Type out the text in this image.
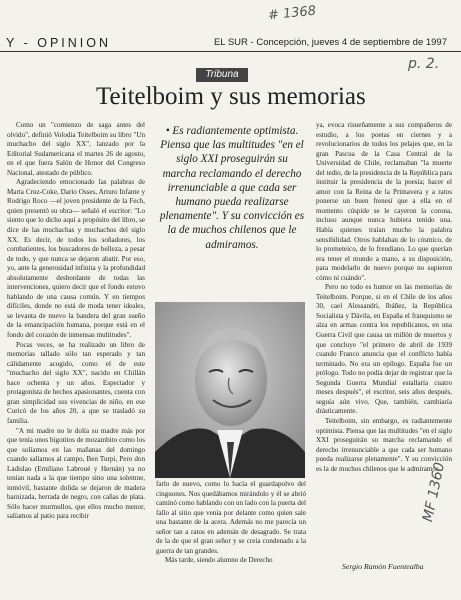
# 1368
Y - OPINION	EL SUR - Concepción, jueves 4 de septiembre de 1997
p. 2.
Tribuna
Teitelboim y sus memorias

Como un "comienzo de saga antes del olvido", definió Volodia Teitelboim su libro "Un muchacho del siglo XX", lanzado por la Editorial Sudamericana el martes 26 de agosto, en el que fuera Salón de Honor del Congreso Nacional, atestado de público.

Agradeciendo emocionado las palabras de Marta Cruz-Coke, Darío Osses, Arturo Infante y Rodrigo Roco —el joven presidente de la Fech, quien presentó su obra— señaló el escritor: "Lo siento que lo dicho aquí a propósito del libro, se dice de las muchachas y muchachos del siglo XX. Es decir, de todos los soñadores, los combatientes, los buscadores de belleza, a pesar de todo, y que nunca se dejaron abatir. Por eso, yo, ante la generosidad infinita y la profundidad absolutamente desbordante de todas las intervenciones, quiero decir que el fondo estuvo hablando de una causa común. Y en tiempos difíciles, donde no está de moda tener ideales, se levanta de nuevo la bandera del gran sueño de la emancipación humana, porque está en el fondo del corazón de inmensas multitudes".

Pocas veces, se ha realizado un libro de memorias tallado sólo tan esperado y tan cálidamente acogido, como el de este "muchacho del siglo XX", nacido en Chillán hace ochenta y un años. Espectador y protagonista de hechos apasionantes, cuenta con gran simplicidad sus vivencias de niño, en ese Curicó de los años 20, a que se trasladó su familia.

"A mi madre no le dolía su madre más por que tenía unos bigotitos de mozambito como los que solíamos en las mañanas del domingo cuando salíamos al campo, Ben Turpi, Pero don Ladislao (Emiliano Labroué y Hernán) ya no tenían nada a la que tiempo sino una solemne, inmóvil, bastante dolida se dejaron de madera barnizada, herrada de negro, con cañas de plata. Sólo hacer murmullos, que ellos mucho menor, salíamos al patio para recibir

• Es radiantemente optimista. Piensa que las multitudes "en el siglo XXI proseguirán su marcha reclamando el derecho irrenunciable a que cada ser humano pueda realizarse plenamente". Y su convicción es la de muchos chilenos que le admiramos.

farlo de nuevo, como lo hacía el guardapolvo del cinguones. Nos quedábamos mirándolo y él se abrió caminó como hablando con un lado con la puerta del fallo al sitio que venía por delante como quien sale una bastante de la acera. Además no me parecía un señor tan a ratos en ademán de desagrado. Se trata de la de que el gran señor y se creía condenado a la guerra de tan grandes.

Más tarde, siendo alumno de Derecho

ya, evoca risueñamente a sus compañeros de estudio, a los poetas en ciernes y a revolucionarios de todos los pelajes que, en la gran Pascua de la Casa Central de la Universidad de Chile, reclamaban "la muerte del tedio, de la presidencia de la República para instituir la presidencia de la poesía; hacer el amor con la Reina de la Primavera y a ratos ponerse un buen frenesí que a ella en el momento cúspide se le cayeron la corona, incluso aunque nunca hubiera tenido una. Había quienes traían mucho la palabra sensibilidad. Otros hablaban de lo cósmico, de lo prometeico, de lo freudiano. Lo que querían era tener el mundo a mano, a su disposición, para modelarlo de nuevo porque no supieron cómo ni cuándo".

Pero no todo es humor en las memorias de Teitelboim. Porque, si en el Chile de los años 30, cael Alessandri, Ibáñez, la República Socialista y Dávila, en España el franquismo se alza en armas contra los republicanos, en una Guerra Civil que causa un millón de muertos y que concluye "el primero de abril de 1939 cuando Franco anuncia que el conflicto había terminado. No era un epílogo. España fue un prólogo. Todo no podía dejar de registrar que la Segunda Guerra Mundial estallaría cuatro meses después", el escritor, seis años después, seguía aún vivo. Que, también, cambiaría drásticamente.

Teitelboim, sin embargo, es radiantemente optimista. Piensa que las multitudes "en el siglo XXI proseguirán su marcha reclamando el derecho irrenunciable a que cada ser humano pueda realizarse plenamente". Y su convicción es la de muchos chilenos que le admiramos.

Sergio Ramón Fuentealba
MF 1360
